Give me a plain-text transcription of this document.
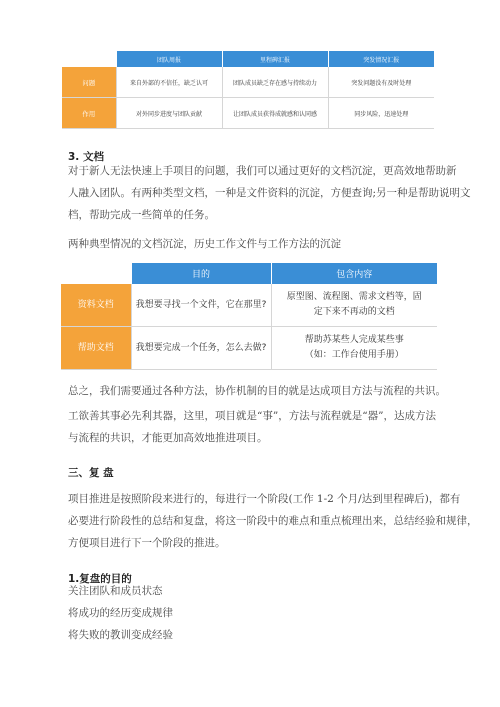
	团队周报	里程碑汇报	突发情况汇报
问题	来自外部的不信任，缺乏认可	团队成员缺乏存在感与持续动力	突发问题没有及时处理
作用	对外同步进度与团队贡献	让团队成员获得成就感和认同感	同步风险，迅速处理
3. 文档
对于新人无法快速上手项目的问题，我们可以通过更好的文档沉淀，更高效地帮助新
人融入团队。有两种类型文档，一种是文件资料的沉淀，方便查询;另一种是帮助说明文
档，帮助完成一些简单的任务。
两种典型情况的文档沉淀，历史工作文件与工作方法的沉淀
	目的	包含内容
资料文档	我想要寻找一个文件，它在那里?	原型图、流程图、需求文档等，固
定下来不再动的文档

帮助文档	我想要完成一个任务，怎么去做?	帮助苏某些人完成某些事
（如：工作台使用手册）
总之，我们需要通过各种方法，协作机制的目的就是达成项目方法与流程的共识。
工欲善其事必先利其器，这里，项目就是“事”，方法与流程就是“器”，达成方法
与流程的共识，才能更加高效地推进项目。
三、复 盘
项目推进是按照阶段来进行的，每进行一个阶段(工作 1-2 个月/达到里程碑后)，都有
必要进行阶段性的总结和复盘，将这一阶段中的难点和重点梳理出来，总结经验和规律，
方便项目进行下一个阶段的推进。
1.复盘的目的
关注团队和成员状态
将成功的经历变成规律
将失败的教训变成经验
